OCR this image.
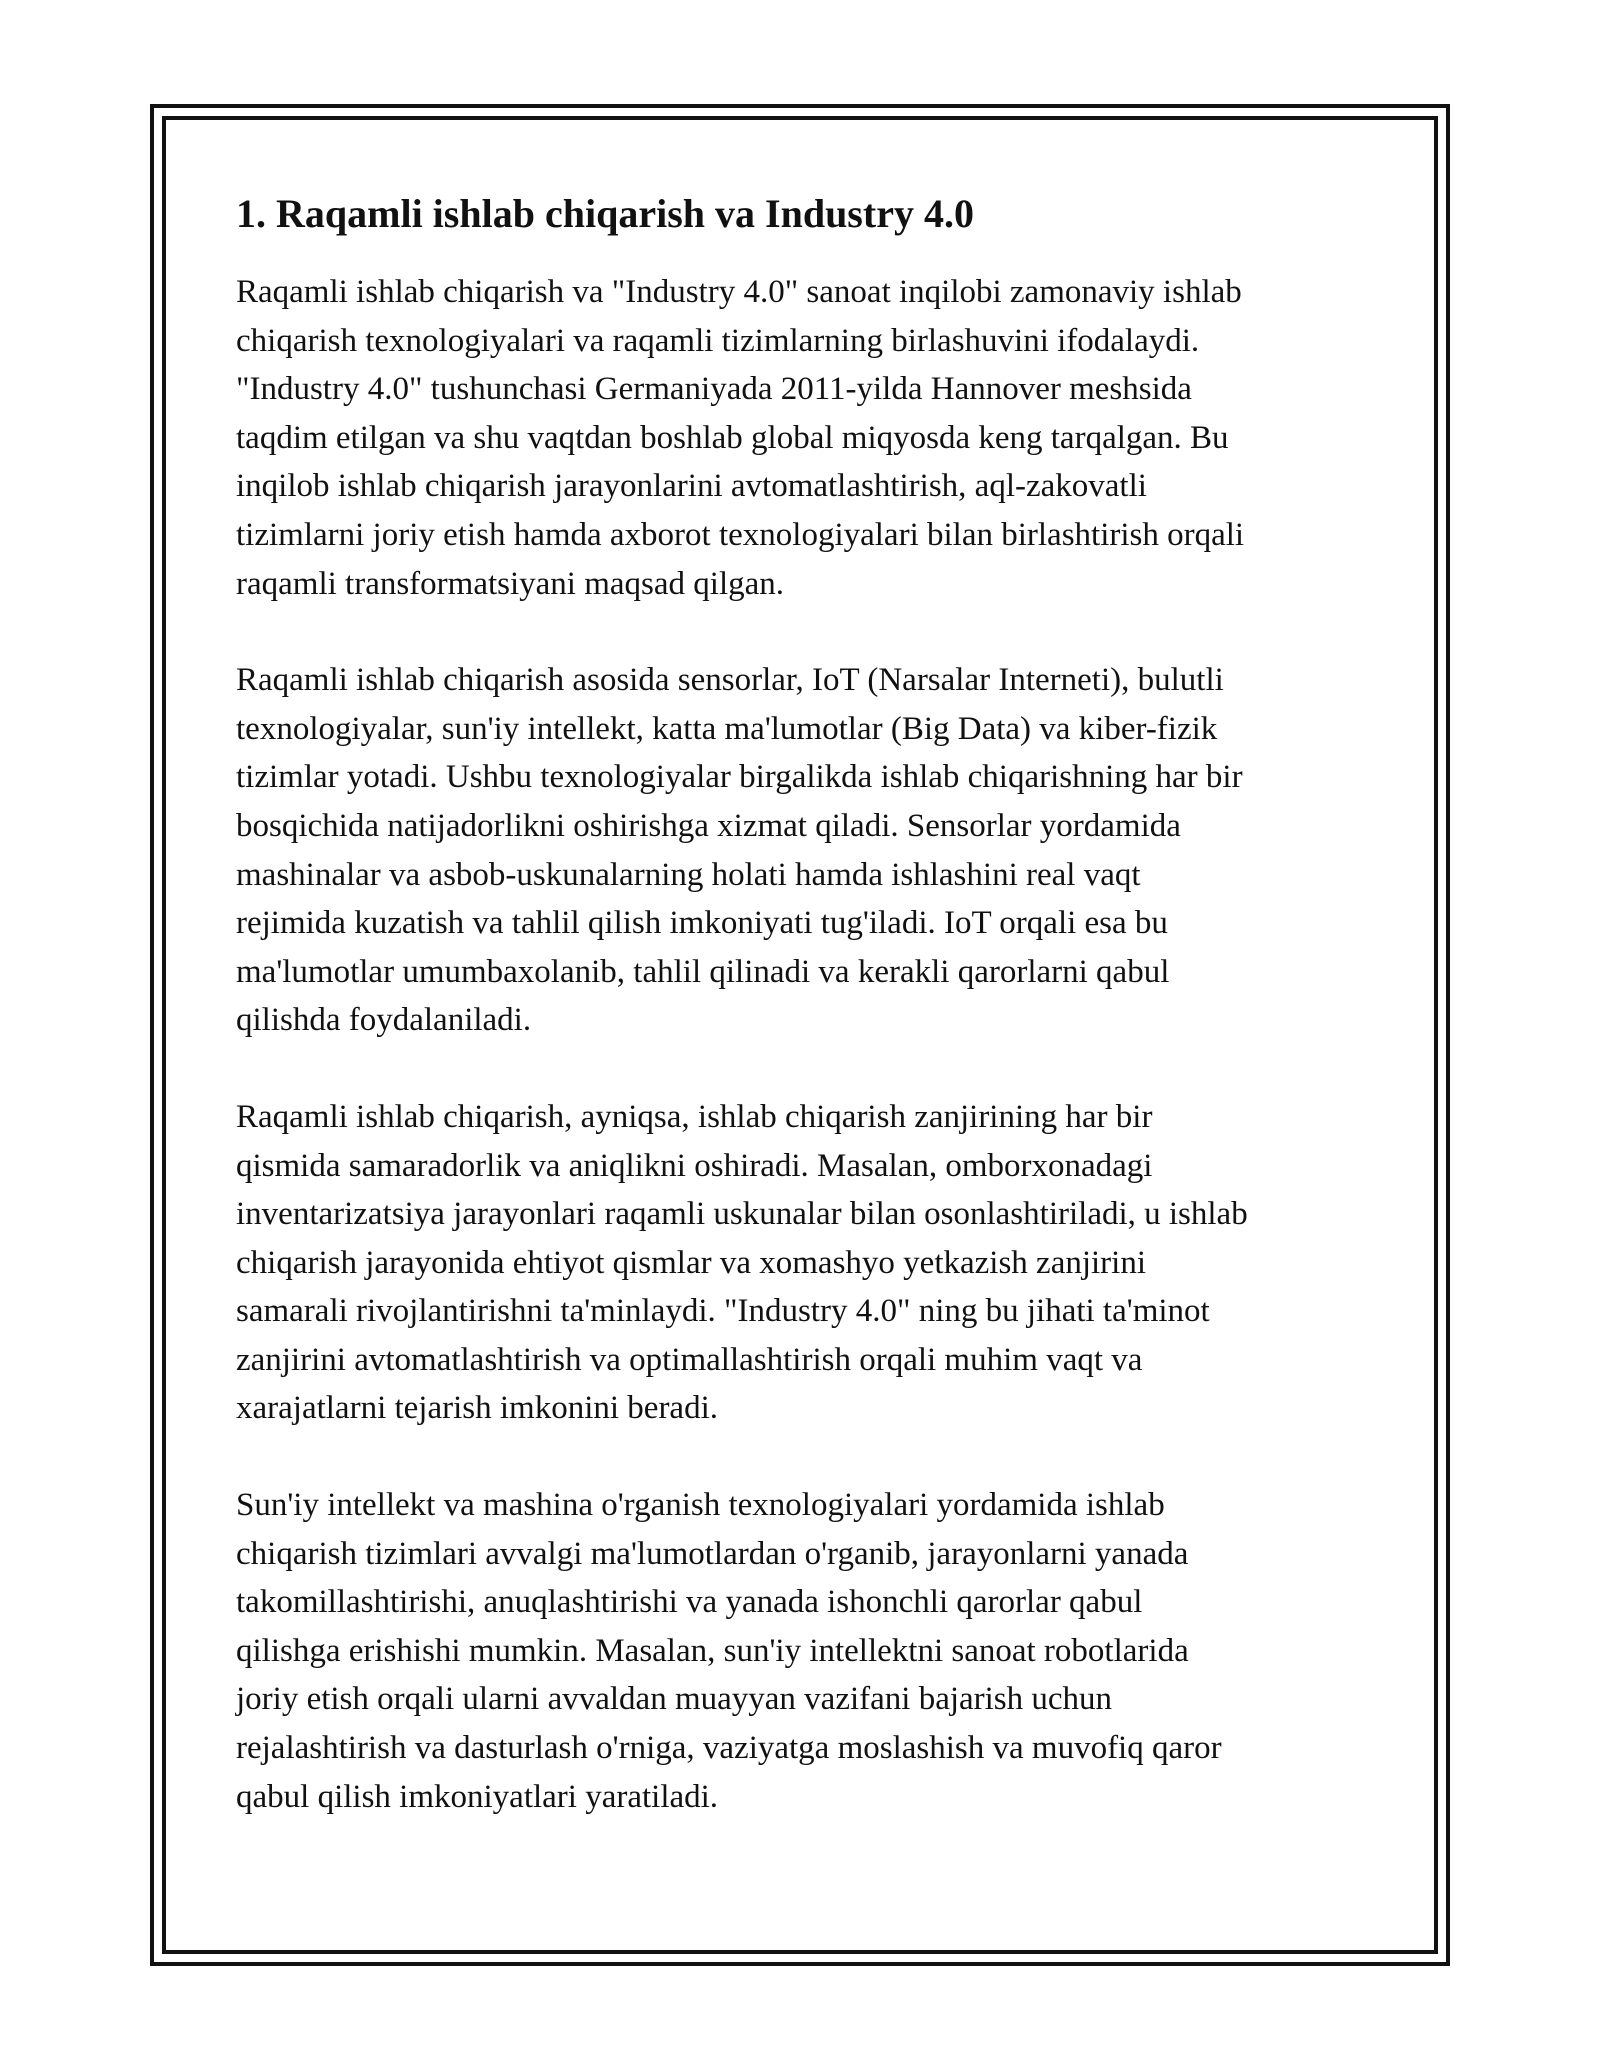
1. Raqamli ishlab chiqarish va Industry 4.0

Raqamli ishlab chiqarish va "Industry 4.0" sanoat inqilobi zamonaviy ishlab
chiqarish texnologiyalari va raqamli tizimlarning birlashuvini ifodalaydi.
"Industry 4.0" tushunchasi Germaniyada 2011-yilda Hannover meshsida
taqdim etilgan va shu vaqtdan boshlab global miqyosda keng tarqalgan. Bu
inqilob ishlab chiqarish jarayonlarini avtomatlashtirish, aql-zakovatli
tizimlarni joriy etish hamda axborot texnologiyalari bilan birlashtirish orqali
raqamli transformatsiyani maqsad qilgan.

Raqamli ishlab chiqarish asosida sensorlar, IoT (Narsalar Interneti), bulutli
texnologiyalar, sun'iy intellekt, katta ma'lumotlar (Big Data) va kiber-fizik
tizimlar yotadi. Ushbu texnologiyalar birgalikda ishlab chiqarishning har bir
bosqichida natijadorlikni oshirishga xizmat qiladi. Sensorlar yordamida
mashinalar va asbob-uskunalarning holati hamda ishlashini real vaqt
rejimida kuzatish va tahlil qilish imkoniyati tug'iladi. IoT orqali esa bu
ma'lumotlar umumbaxolanib, tahlil qilinadi va kerakli qarorlarni qabul
qilishda foydalaniladi.

Raqamli ishlab chiqarish, ayniqsa, ishlab chiqarish zanjirining har bir
qismida samaradorlik va aniqlikni oshiradi. Masalan, omborxonadagi
inventarizatsiya jarayonlari raqamli uskunalar bilan osonlashtiriladi, u ishlab
chiqarish jarayonida ehtiyot qismlar va xomashyo yetkazish zanjirini
samarali rivojlantirishni ta'minlaydi. "Industry 4.0" ning bu jihati ta'minot
zanjirini avtomatlashtirish va optimallashtirish orqali muhim vaqt va
xarajatlarni tejarish imkonini beradi.

Sun'iy intellekt va mashina o'rganish texnologiyalari yordamida ishlab
chiqarish tizimlari avvalgi ma'lumotlardan o'rganib, jarayonlarni yanada
takomillashtirishi, anuqlashtirishi va yanada ishonchli qarorlar qabul
qilishga erishishi mumkin. Masalan, sun'iy intellektni sanoat robotlarida
joriy etish orqali ularni avvaldan muayyan vazifani bajarish uchun
rejalashtirish va dasturlash o'rniga, vaziyatga moslashish va muvofiq qaror
qabul qilish imkoniyatlari yaratiladi.
